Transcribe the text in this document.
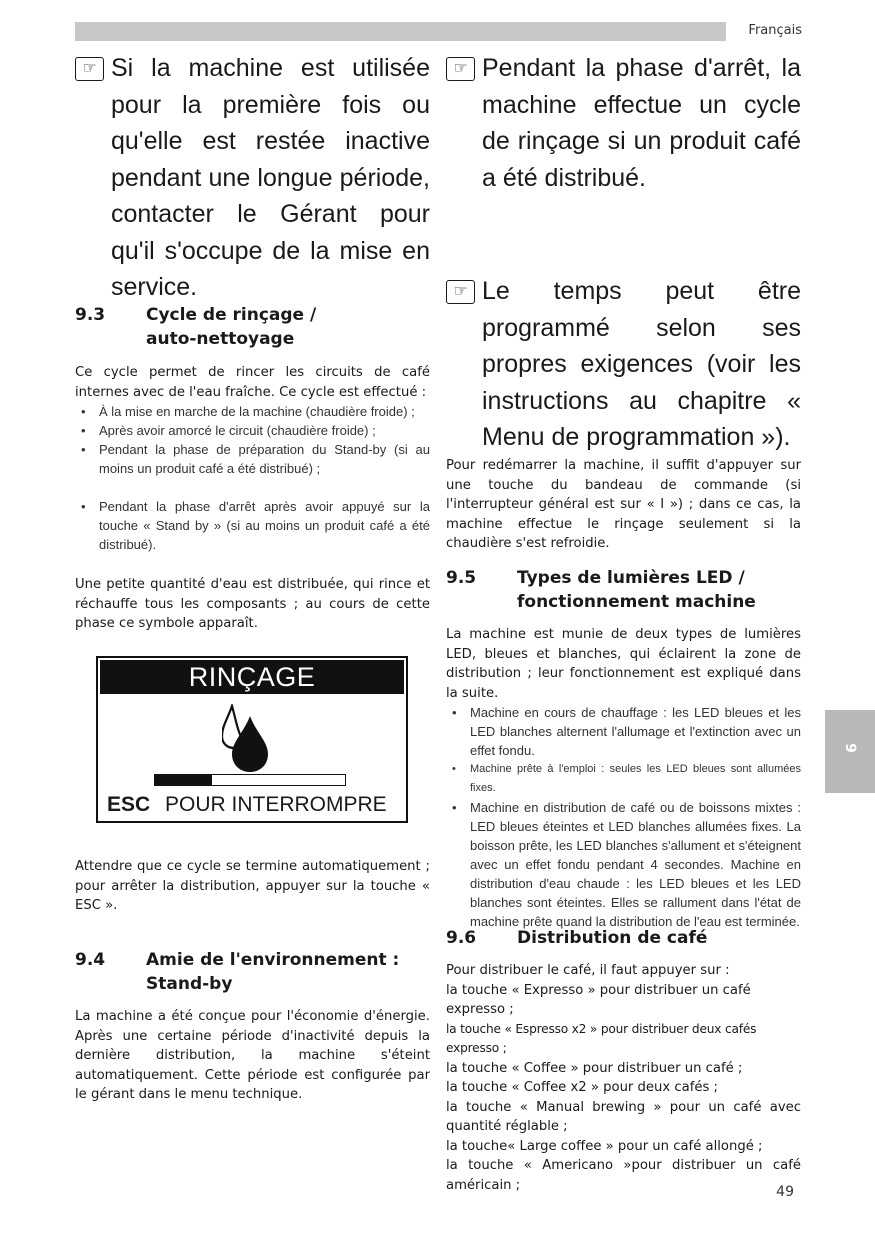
Français
☞ Si la machine est utilisée pour la première fois ou qu'elle est restée inactive pendant une longue période, contacter le Gérant pour qu'il s'occupe de la mise en service.
9.3	Cycle de rinçage /
auto-nettoyage

Ce cycle permet de rincer les circuits de café internes avec de l'eau fraîche. Ce cycle est effectué :

• À la mise en marche de la machine (chaudière froide) ;
• Après avoir amorcé le circuit (chaudière froide) ;
• Pendant la phase de préparation du Stand-by (si au moins un produit café a été distribué) ;
• Pendant la phase d'arrêt après avoir appuyé sur la touche « Stand by » (si au moins un produit café a été distribué).

Une petite quantité d'eau est distribuée, qui rince et réchauffe tous les composants ; au cours de cette phase ce symbole apparaît.

RINÇAGE
ESC POUR INTERROMPRE

Attendre que ce cycle se termine automatiquement ; pour arrêter la distribution, appuyer sur la touche « ESC ».

9.4	Amie de l'environnement :
Stand-by

La machine a été conçue pour l'économie d'énergie. Après une certaine période d'inactivité depuis la dernière distribution, la machine s'éteint automatiquement. Cette période est configurée par le gérant dans le menu technique.

☞ Pendant la phase d'arrêt, la machine effectue un cycle de rinçage si un produit café a été distribué.
☞ Le temps peut être programmé selon ses propres exigences (voir les instructions au chapitre « Menu de programmation »).

Pour redémarrer la machine, il suffit d'appuyer sur une touche du bandeau de commande (si l'interrupteur général est sur « I ») ; dans ce cas, la machine effectue le rinçage seulement si la chaudière s'est refroidie.

9.5	Types de lumières LED /
fonctionnement machine

La machine est munie de deux types de lumières LED, bleues et blanches, qui éclairent la zone de distribution ; leur fonctionnement est expliqué dans la suite.

• Machine en cours de chauffage : les LED bleues et les LED blanches alternent l'allumage et l'extinction avec un effet fondu.
• Machine prête à l'emploi : seules les LED bleues sont allumées fixes.
• Machine en distribution de café ou de boissons mixtes : LED bleues éteintes et LED blanches allumées fixes. La boisson prête, les LED blanches s'allument et s'éteignent avec un effet fondu pendant 4 secondes. Machine en distribution d'eau chaude : les LED bleues et les LED blanches sont éteintes. Elles se rallument dans l'état de machine prête quand la distribution de l'eau est terminée.
9.6	Distribution de café
Pour distribuer le café, il faut appuyer sur :
la touche « Expresso » pour distribuer un café expresso ;
la touche « Espresso x2 » pour distribuer deux cafés expresso ;
la touche « Coffee » pour distribuer un café ;
la touche « Coffee x2 » pour deux cafés ;

la touche « Manual brewing » pour un café avec quantité réglable ;

la touche« Large coffee » pour un café allongé ;

la touche « Americano »pour distribuer un café américain ;

9
49
